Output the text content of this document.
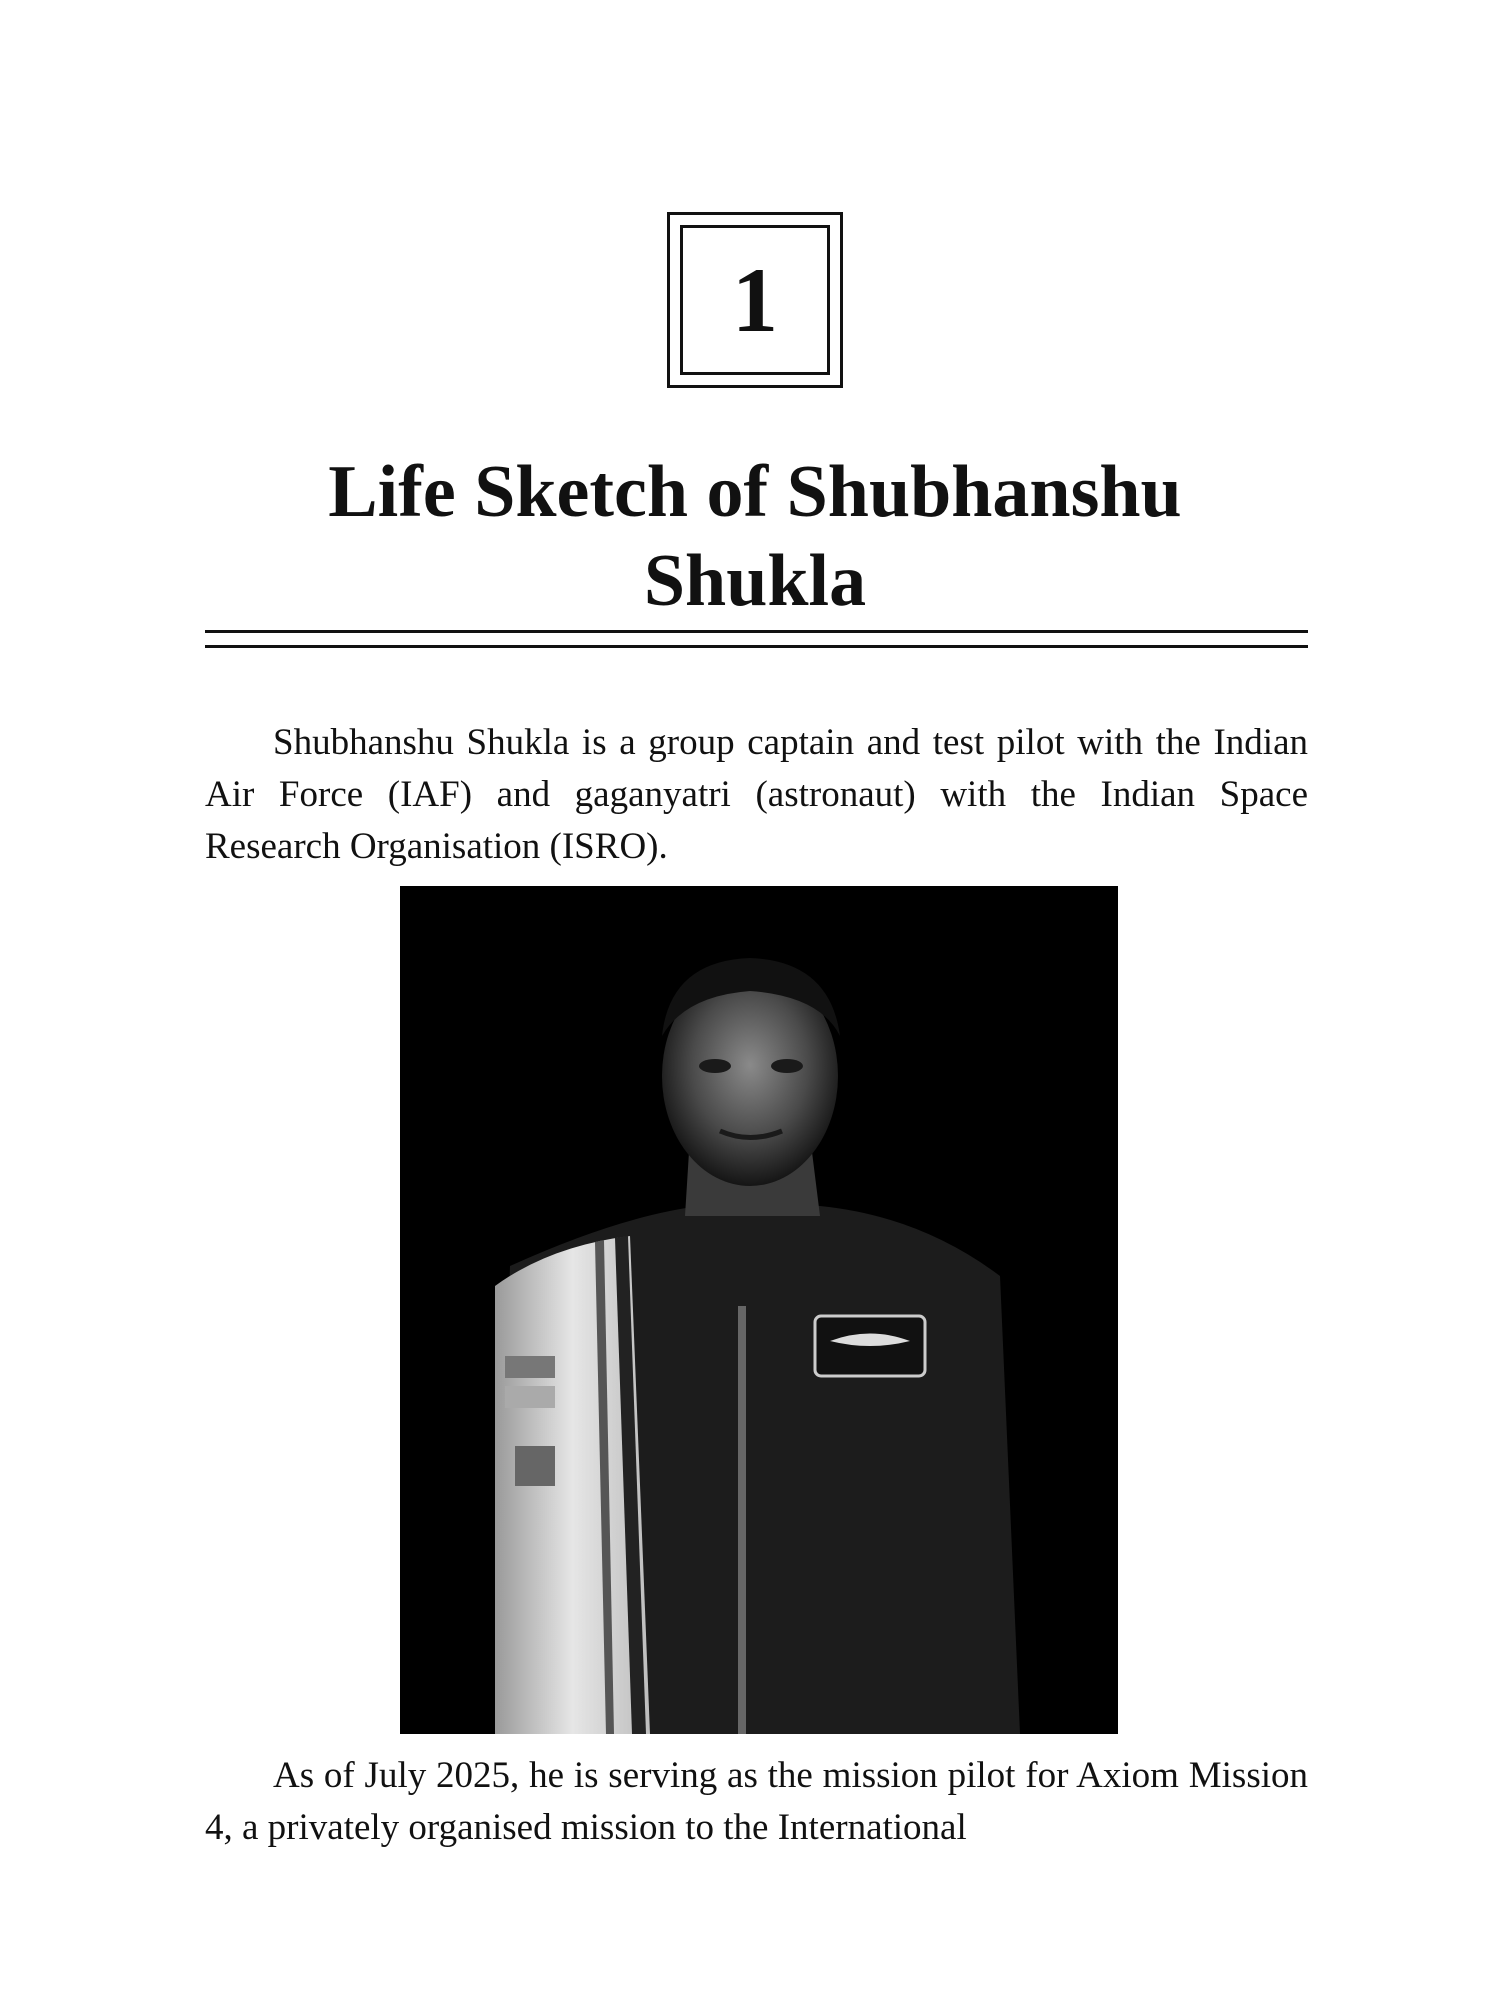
1
Life Sketch of Shubhanshu
Shukla

Shubhanshu Shukla is a group captain and test pilot with the Indian Air Force (IAF) and gaganyatri (astronaut) with the Indian Space Research Organisation (ISRO).

As of July 2025, he is serving as the mission pilot for Axiom Mission 4, a privately organised mission to the International
